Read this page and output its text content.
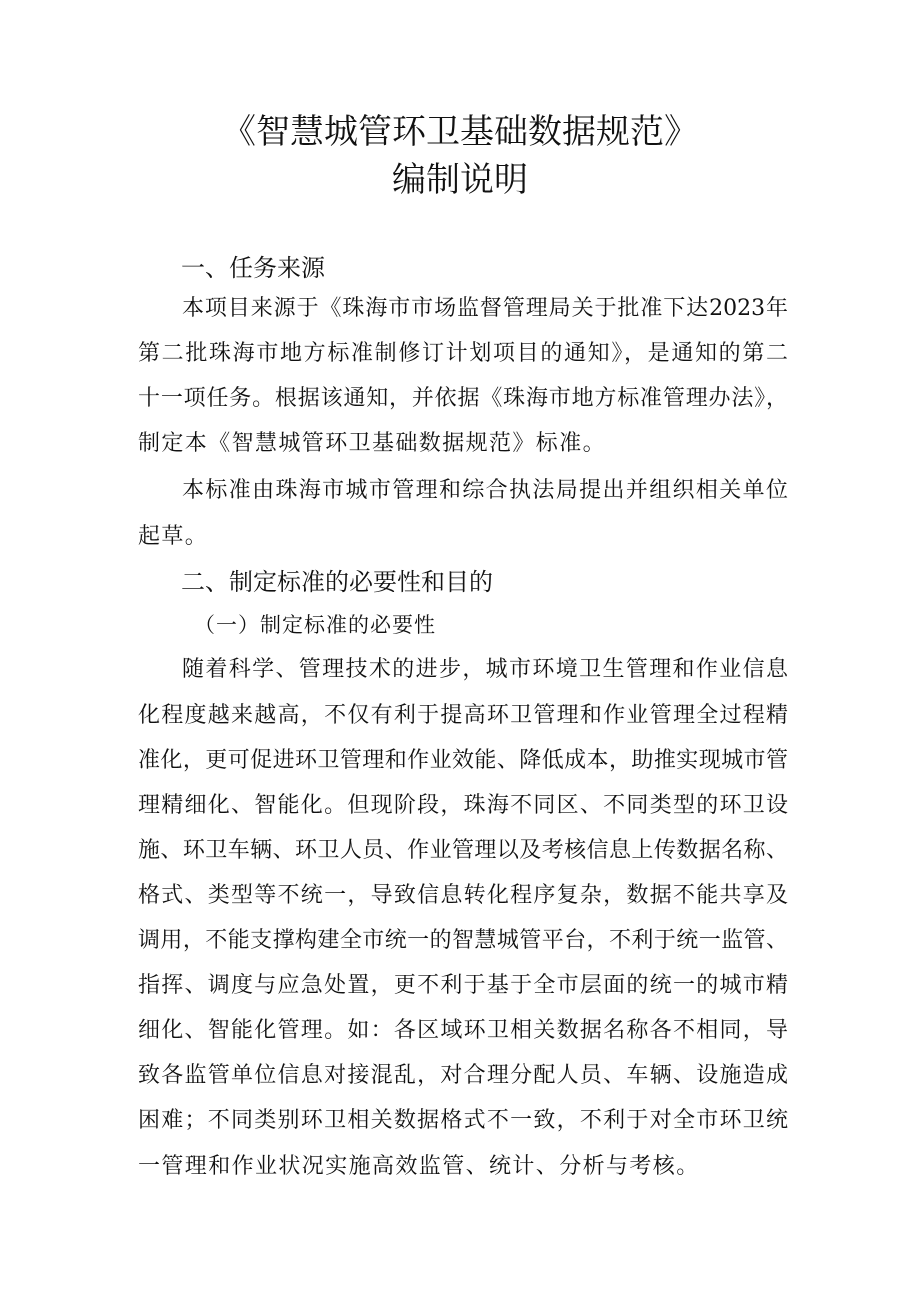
《智慧城管环卫基础数据规范》
编制说明
一、任务来源
本项目来源于《珠海市市场监督管理局关于批准下达2023年
第二批珠海市地方标准制修订计划项目的通知》，是通知的第二
十一项任务。根据该通知，并依据《珠海市地方标准管理办法》，
制定本《智慧城管环卫基础数据规范》标准。
本标准由珠海市城市管理和综合执法局提出并组织相关单位
起草。
二、制定标准的必要性和目的
（一）制定标准的必要性
随着科学、管理技术的进步，城市环境卫生管理和作业信息
化程度越来越高，不仅有利于提高环卫管理和作业管理全过程精
准化，更可促进环卫管理和作业效能、降低成本，助推实现城市管
理精细化、智能化。但现阶段，珠海不同区、不同类型的环卫设
施、环卫车辆、环卫人员、作业管理以及考核信息上传数据名称、
格式、类型等不统一，导致信息转化程序复杂，数据不能共享及
调用，不能支撑构建全市统一的智慧城管平台，不利于统一监管、
指挥、调度与应急处置，更不利于基于全市层面的统一的城市精
细化、智能化管理。如：各区域环卫相关数据名称各不相同，导
致各监管单位信息对接混乱，对合理分配人员、车辆、设施造成
困难；不同类别环卫相关数据格式不一致，不利于对全市环卫统
一管理和作业状况实施高效监管、统计、分析与考核。
